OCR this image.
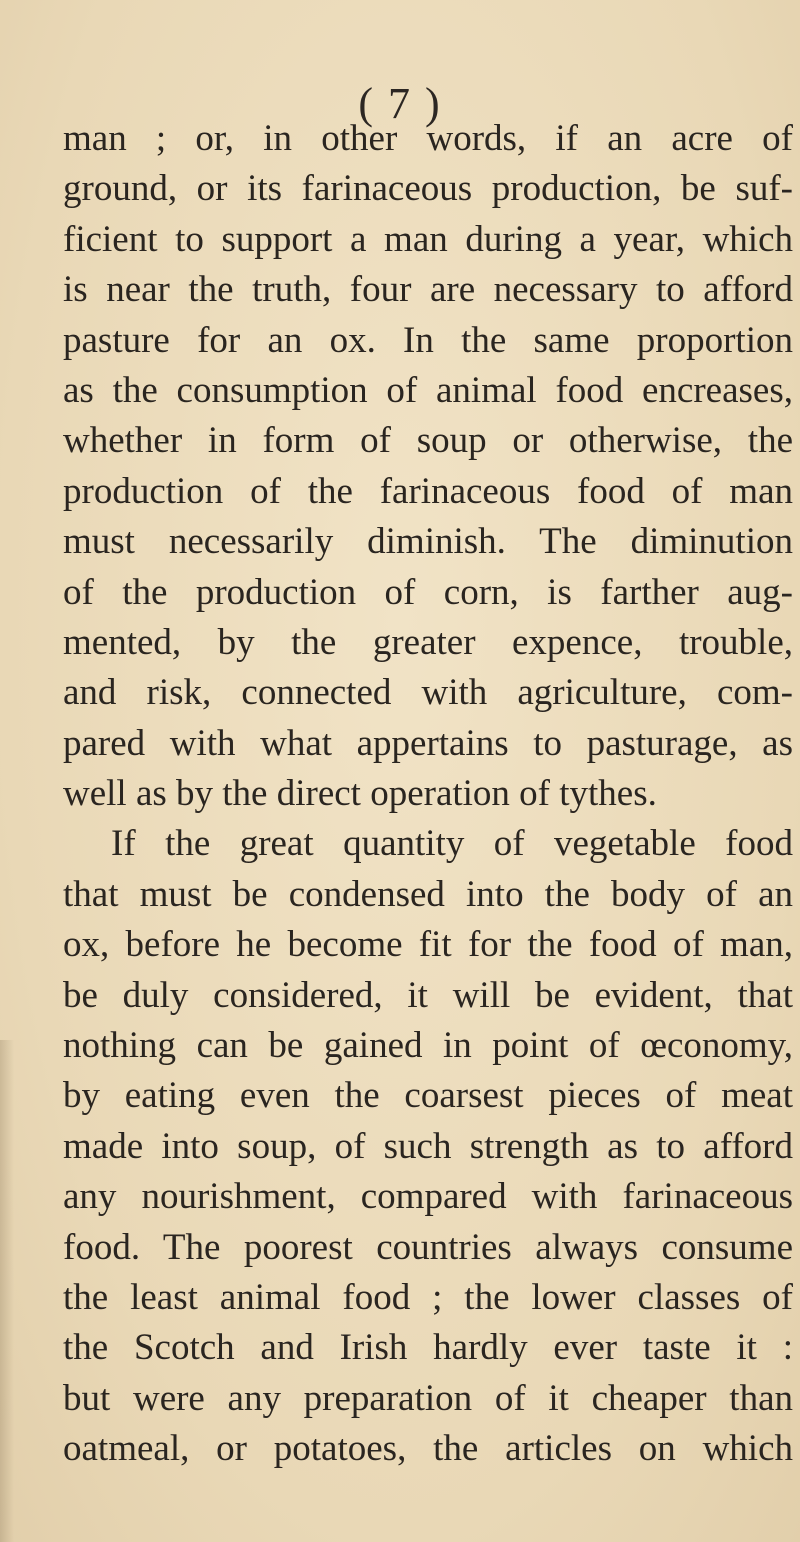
( 7 )
man ; or, in other words, if an acre of
ground, or its farinaceous production, be suf-
ficient to support a man during a year, which
is near the truth, four are necessary to afford
pasture for an ox. In the same proportion
as the consumption of animal food encreases,
whether in form of soup or otherwise, the
production of the farinaceous food of man
must necessarily diminish. The diminution
of the production of corn, is farther aug-
mented, by the greater expence, trouble,
and risk, connected with agriculture, com-
pared with what appertains to pasturage, as
well as by the direct operation of tythes.
If the great quantity of vegetable food
that must be condensed into the body of an
ox, before he become fit for the food of man,
be duly considered, it will be evident, that
nothing can be gained in point of œconomy,
by eating even the coarsest pieces of meat
made into soup, of such strength as to afford
any nourishment, compared with farinaceous
food. The poorest countries always consume
the least animal food ; the lower classes of
the Scotch and Irish hardly ever taste it :
but were any preparation of it cheaper than
oatmeal, or potatoes, the articles on which
